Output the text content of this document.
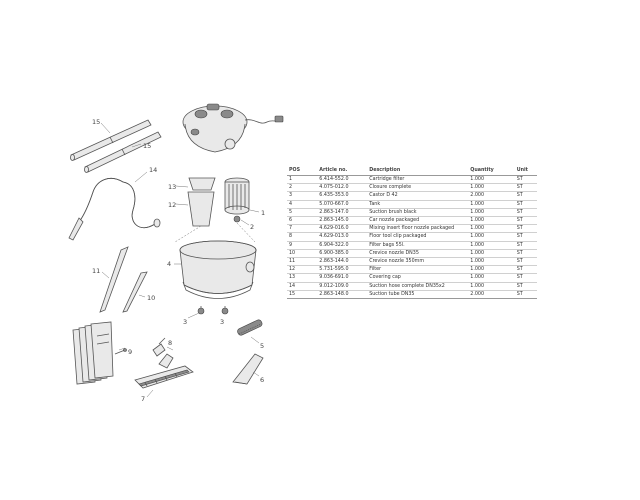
15
15
14
13
12
1
2
4
3	3
11
10
9
8
7
5
6
POS	Article no.	Description	Quantity	Unit
1	6.414-552.0	Cartridge filter	1.000	ST
2	4.075-012.0	Closure complete	1.000	ST
3	6.435-353.0	Castor D 42	2.000	ST
4	5.070-667.0	Tank	1.000	ST
5	2.863-147.0	Suction brush black	1.000	ST
6	2.863-145.0	Car nozzle packaged	1.000	ST
7	4.629-016.0	Mixing insert floor nozzle packaged	1.000	ST
8	4.629-013.0	Floor tool clip packaged	1.000	ST
9	6.904-322.0	Filter bags 55l.	1.000	ST
10	6.900-385.0	Crevice nozzle DN35	1.000	ST
11	2.863-144.0	Crevice nozzle 350mm	1.000	ST
12	5.731-595.0	Filter	1.000	ST
13	9.036-691.0	Covering cap	1.000	ST
14	9.012-109.0	Suction hose complete DN35x2	1.000	ST
15	2.863-148.0	Suction tube DN35	2.000	ST
